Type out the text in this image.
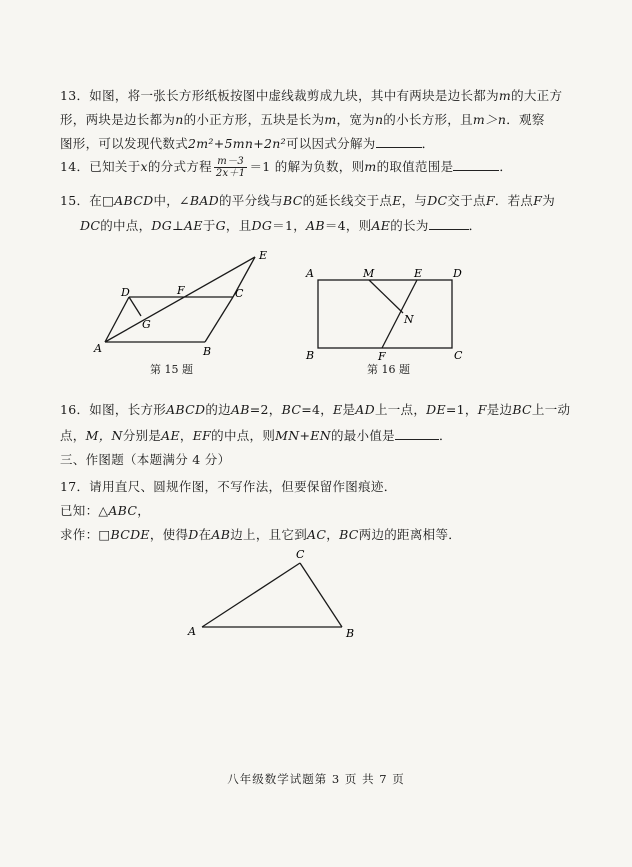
13．如图，将一张长方形纸板按图中虚线裁剪成九块，其中有两块是边长都为m的大正方
形，两块是边长都为n的小正方形，五块是长为m，宽为n的小长方形，且m＞n．观察
图形，可以发现代数式2m²+5mn+2n²可以因式分解为	．
14．已知关于x的分式方程 $\frac{m-3}{2x+1} =1$ 的解为负数，则m的取值范围是	．
15．在□ABCD中，∠BAD的平分线与BC的延长线交于点E，与DC交于点F．若点F为
DC的中点，DG⊥AE于G，且DG＝1，AB＝4，则AE的长为	．
A	B
C
D
E
F
G
第 15 题
A	M	E	D
N
B	F	C
第 16 题
16．如图，长方形ABCD的边AB=2，BC=4，E是AD上一点，DE=1，F是边BC上一动
点，M，N分别是AE，EF的中点，则MN+EN的最小值是	．
三、作图题（本题满分 4 分）
17．请用直尺、圆规作图，不写作法，但要保留作图痕迹．
已知：△ABC，
求作：□BCDE，使得D在AB边上，且它到AC，BC两边的距离相等．
A	B
C
八年级数学试题第 3 页 共 7 页
